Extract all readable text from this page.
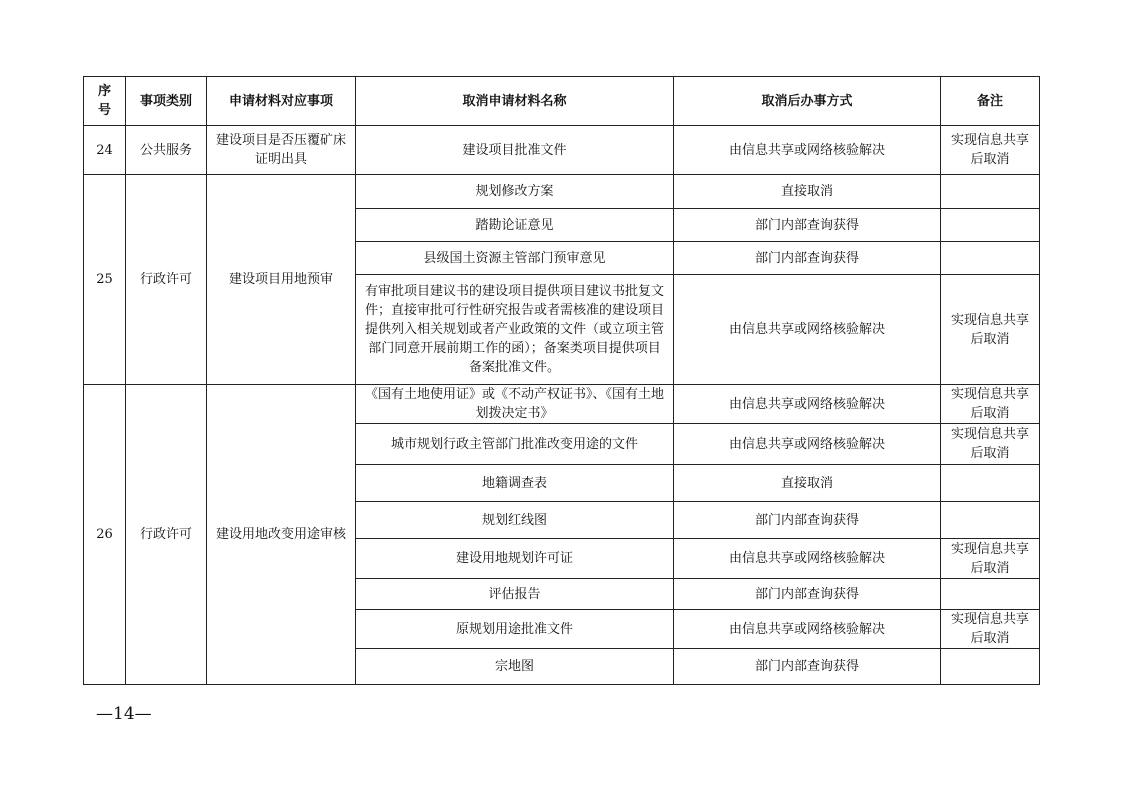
序号	事项类别	申请材料对应事项	取消申请材料名称	取消后办事方式	备注
24	公共服务	建设项目是否压覆矿床证明出具	建设项目批准文件	由信息共享或网络核验解决	实现信息共享后取消
25	行政许可	建设项目用地预审	规划修改方案	直接取消	
			踏勘论证意见	部门内部查询获得	
			县级国土资源主管部门预审意见	部门内部查询获得	
			有审批项目建议书的建设项目提供项目建议书批复文件；直接审批可行性研究报告或者需核准的建设项目提供列入相关规划或者产业政策的文件（或立项主管部门同意开展前期工作的函）；备案类项目提供项目备案批准文件。	由信息共享或网络核验解决	实现信息共享后取消
26	行政许可	建设用地改变用途审核	《国有土地使用证》或《不动产权证书》、《国有土地划拨决定书》	由信息共享或网络核验解决	实现信息共享后取消
			城市规划行政主管部门批准改变用途的文件	由信息共享或网络核验解决	实现信息共享后取消
			地籍调查表	直接取消	
			规划红线图	部门内部查询获得	
			建设用地规划许可证	由信息共享或网络核验解决	实现信息共享后取消
			评估报告	部门内部查询获得	
			原规划用途批准文件	由信息共享或网络核验解决	实现信息共享后取消
			宗地图	部门内部查询获得	
—14—
